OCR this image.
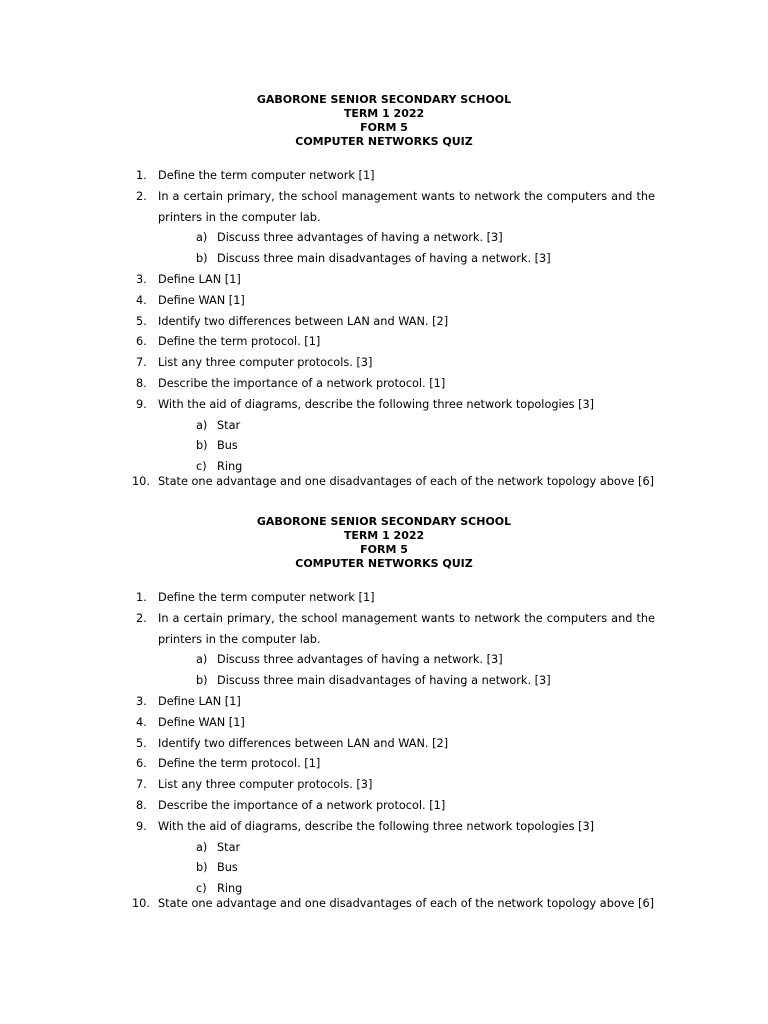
GABORONE SENIOR SECONDARY SCHOOL
TERM 1 2022
FORM 5
COMPUTER NETWORKS QUIZ
1. Define the term computer network [1]
2. In a certain primary, the school management wants to network the computers and the printers in the computer lab.
a) Discuss three advantages of having a network. [3]
b) Discuss three main disadvantages of having a network. [3]
3. Define LAN [1]
4. Define WAN [1]
5. Identify two differences between LAN and WAN. [2]
6. Define the term protocol. [1]
7. List any three computer protocols. [3]
8. Describe the importance of a network protocol. [1]
9. With the aid of diagrams, describe the following three network topologies [3]
a) Star
b) Bus
c) Ring
10. State one advantage and one disadvantages of each of the network topology above [6]
GABORONE SENIOR SECONDARY SCHOOL
TERM 1 2022
FORM 5
COMPUTER NETWORKS QUIZ
1. Define the term computer network [1]
2. In a certain primary, the school management wants to network the computers and the printers in the computer lab.
a) Discuss three advantages of having a network. [3]
b) Discuss three main disadvantages of having a network. [3]
3. Define LAN [1]
4. Define WAN [1]
5. Identify two differences between LAN and WAN. [2]
6. Define the term protocol. [1]
7. List any three computer protocols. [3]
8. Describe the importance of a network protocol. [1]
9. With the aid of diagrams, describe the following three network topologies [3]
a) Star
b) Bus
c) Ring
10. State one advantage and one disadvantages of each of the network topology above [6]
